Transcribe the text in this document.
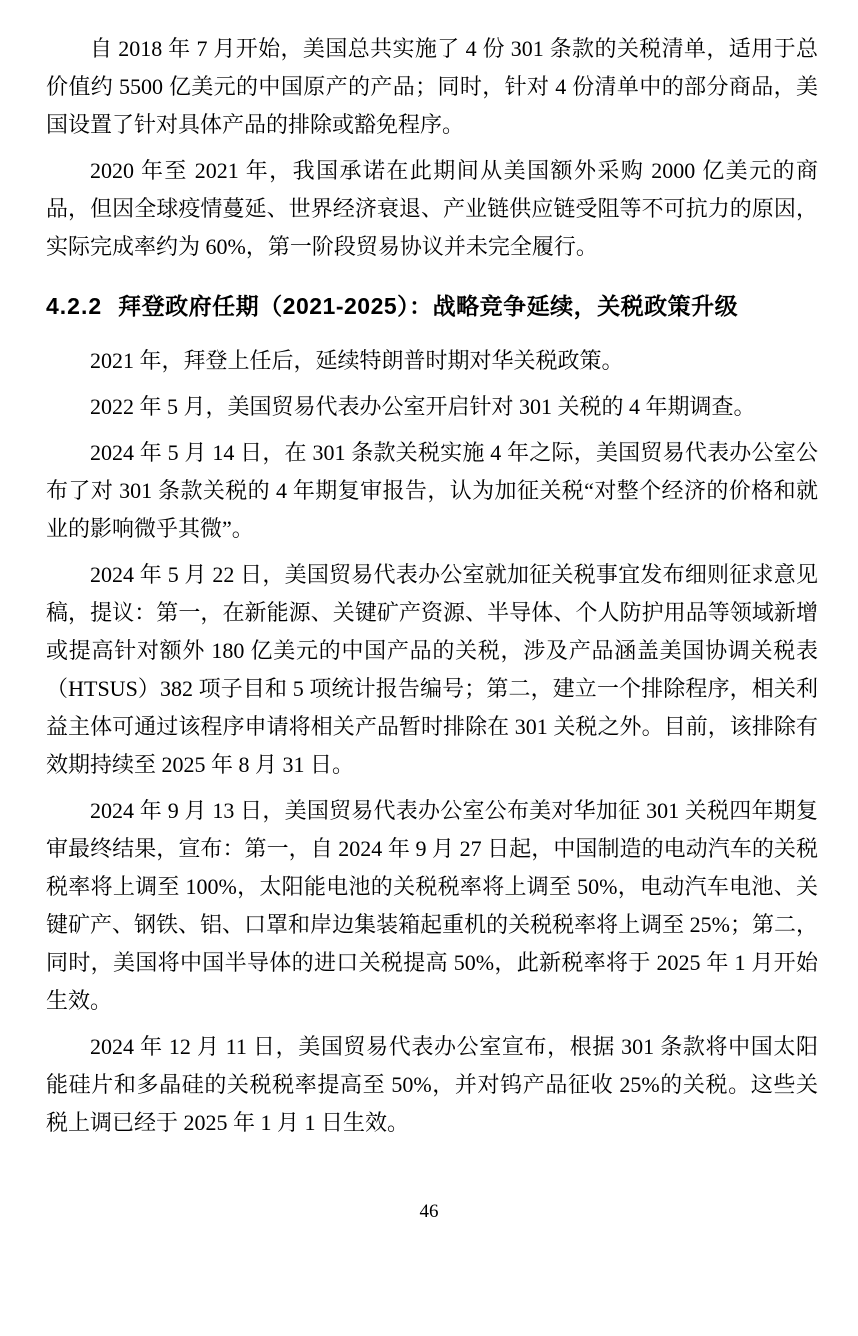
自 2018 年 7 月开始，美国总共实施了 4 份 301 条款的关税清单，适用于总价值约 5500 亿美元的中国原产的产品；同时，针对 4 份清单中的部分商品，美国设置了针对具体产品的排除或豁免程序。

2020 年至 2021 年，我国承诺在此期间从美国额外采购 2000 亿美元的商品，但因全球疫情蔓延、世界经济衰退、产业链供应链受阻等不可抗力的原因，实际完成率约为 60%，第一阶段贸易协议并未完全履行。

4.2.2 拜登政府任期（2021-2025）：战略竞争延续，关税政策升级

2021 年，拜登上任后，延续特朗普时期对华关税政策。

2022 年 5 月，美国贸易代表办公室开启针对 301 关税的 4 年期调查。

2024 年 5 月 14 日，在 301 条款关税实施 4 年之际，美国贸易代表办公室公布了对 301 条款关税的 4 年期复审报告，认为加征关税“对整个经济的价格和就业的影响微乎其微”。

2024 年 5 月 22 日，美国贸易代表办公室就加征关税事宜发布细则征求意见稿，提议：第一，在新能源、关键矿产资源、半导体、个人防护用品等领域新增或提高针对额外 180 亿美元的中国产品的关税，涉及产品涵盖美国协调关税表（HTSUS）382 项子目和 5 项统计报告编号；第二，建立一个排除程序，相关利益主体可通过该程序申请将相关产品暂时排除在 301 关税之外。目前，该排除有效期持续至 2025 年 8 月 31 日。

2024 年 9 月 13 日，美国贸易代表办公室公布美对华加征 301 关税四年期复审最终结果，宣布：第一，自 2024 年 9 月 27 日起，中国制造的电动汽车的关税税率将上调至 100%，太阳能电池的关税税率将上调至 50%，电动汽车电池、关键矿产、钢铁、铝、口罩和岸边集装箱起重机的关税税率将上调至 25%；第二，同时，美国将中国半导体的进口关税提高 50%，此新税率将于 2025 年 1 月开始生效。

2024 年 12 月 11 日，美国贸易代表办公室宣布，根据 301 条款将中国太阳能硅片和多晶硅的关税税率提高至 50%，并对钨产品征收 25%的关税。这些关税上调已经于 2025 年 1 月 1 日生效。

46
